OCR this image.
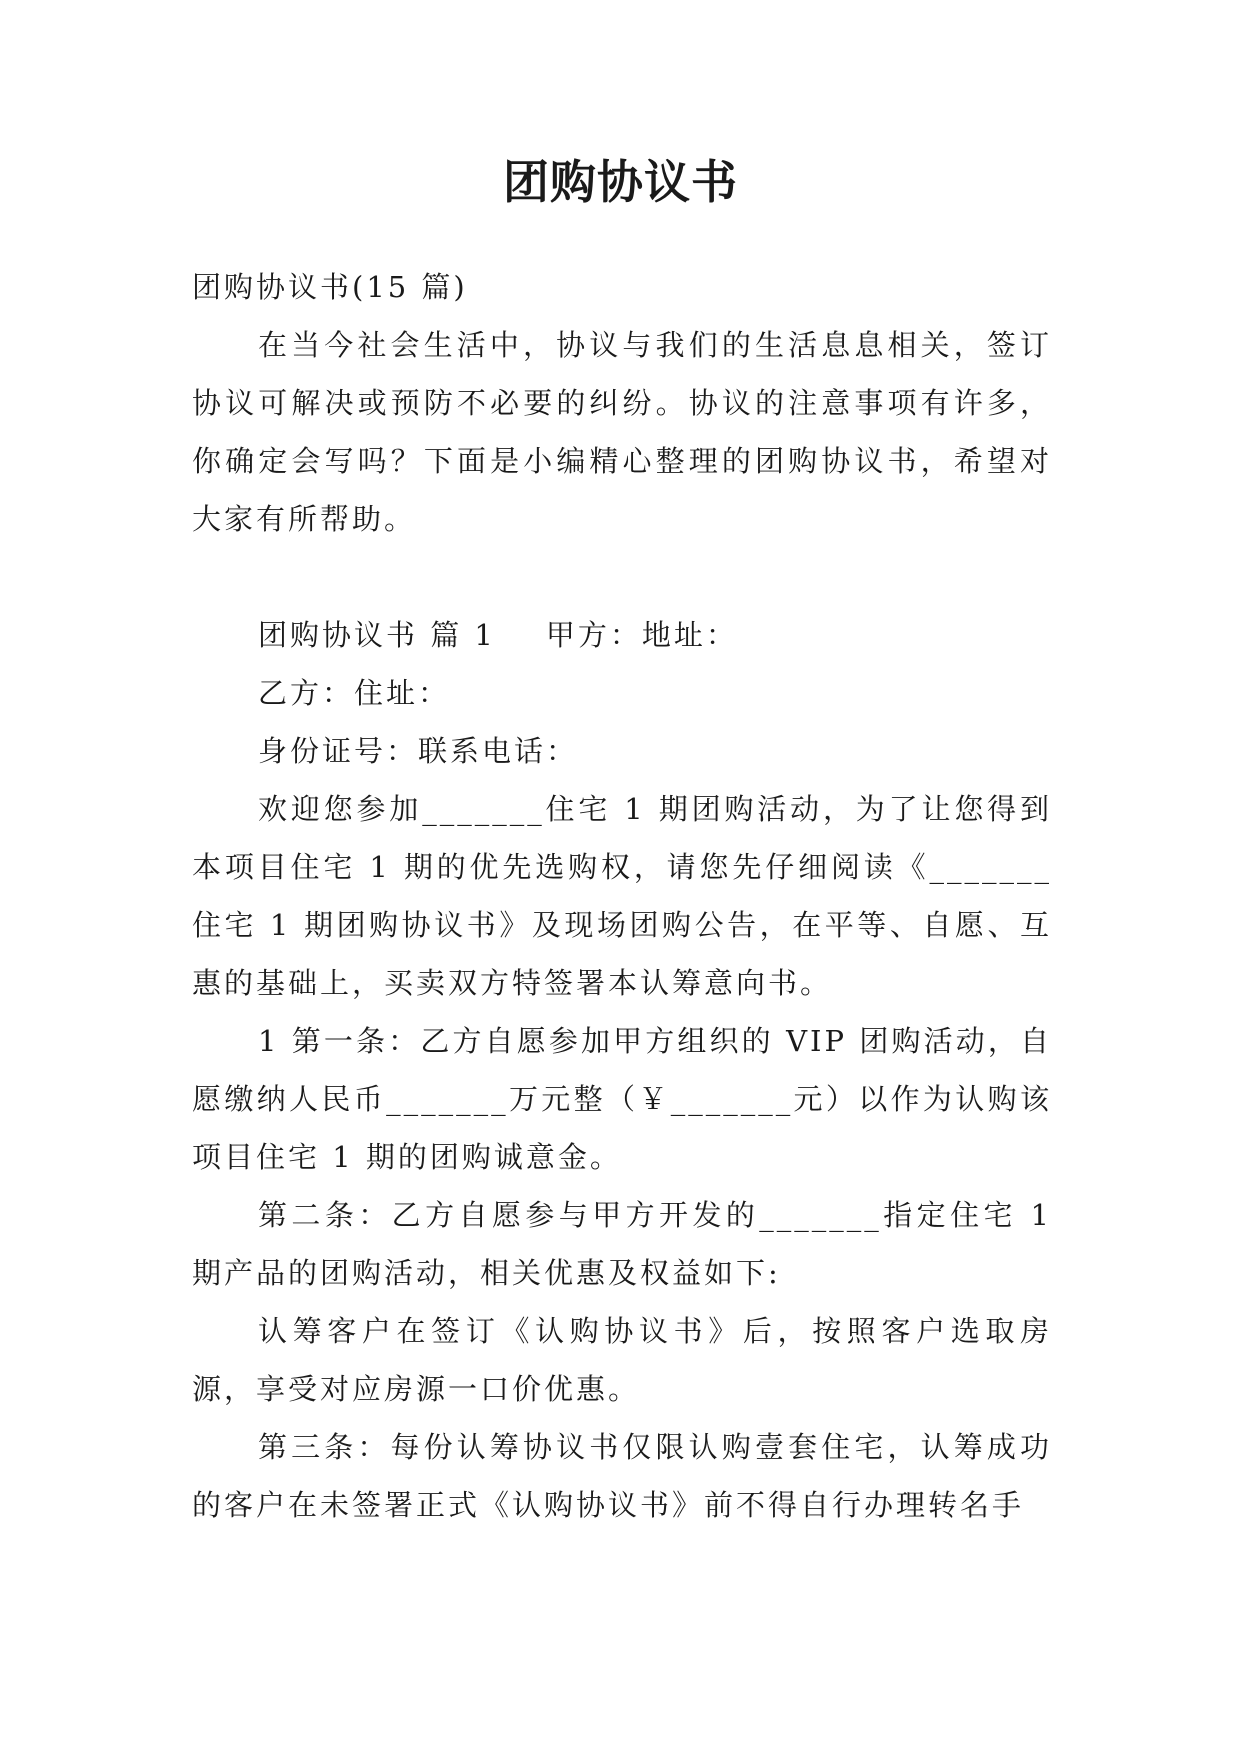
团购协议书

团购协议书(15 篇)

在当今社会生活中，协议与我们的生活息息相关，签订协议可解决或预防不必要的纠纷。协议的注意事项有许多，你确定会写吗？下面是小编精心整理的团购协议书，希望对大家有所帮助。

团购协议书 篇 1 甲方：地址：

乙方：住址：

身份证号：联系电话：

欢迎您参加_______住宅 1 期团购活动，为了让您得到本项目住宅 1 期的优先选购权，请您先仔细阅读《_______住宅 1 期团购协议书》及现场团购公告，在平等、自愿、互惠的基础上，买卖双方特签署本认筹意向书。

1 第一条：乙方自愿参加甲方组织的 VIP 团购活动，自愿缴纳人民币_______万元整（￥_______元）以作为认购该项目住宅 1 期的团购诚意金。

第二条：乙方自愿参与甲方开发的_______指定住宅 1 期产品的团购活动，相关优惠及权益如下:

认筹客户在签订《认购协议书》后，按照客户选取房源，享受对应房源一口价优惠。

第三条：每份认筹协议书仅限认购壹套住宅，认筹成功的客户在未签署正式《认购协议书》前不得自行办理转名手
